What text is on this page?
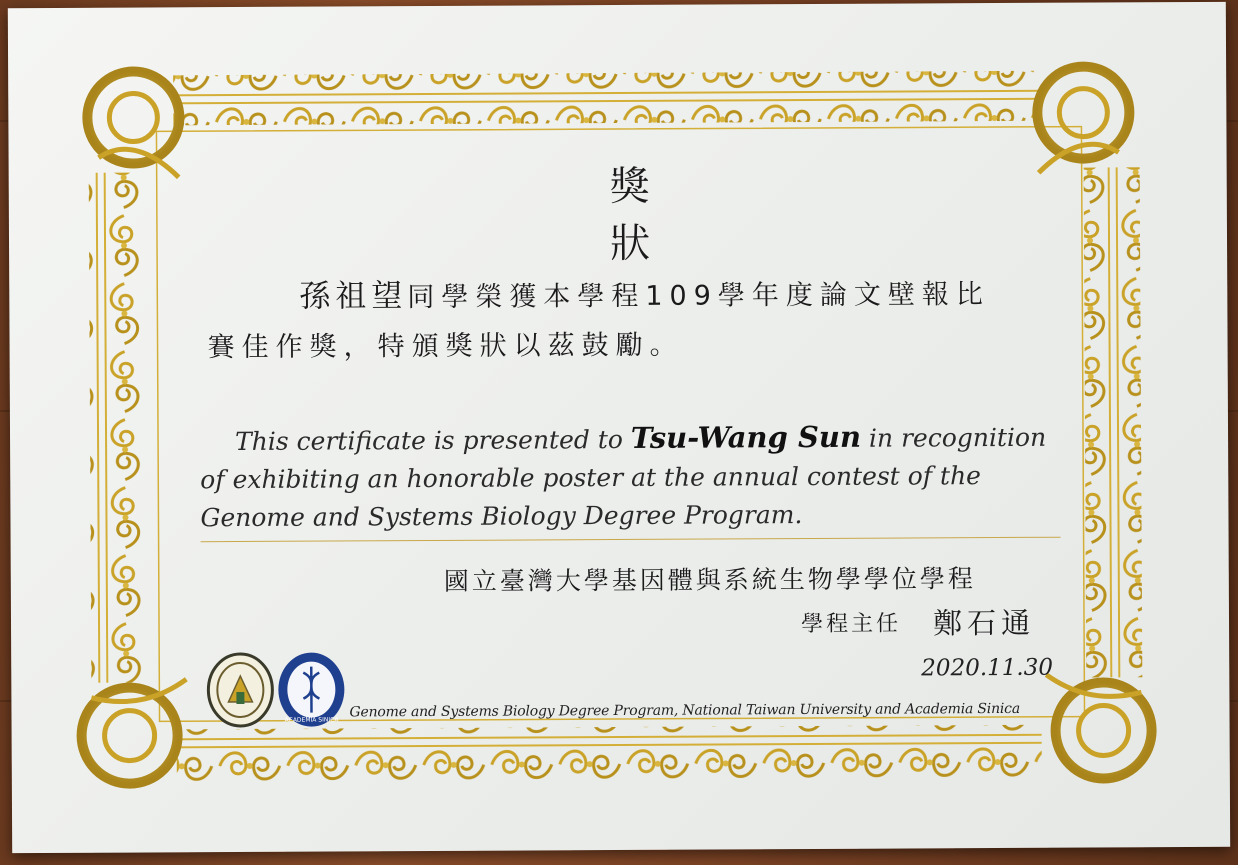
獎 狀
孫祖望同學榮獲本學程109學年度論文壁報比
賽佳作獎，特頒獎狀以茲鼓勵。
This certificate is presented to Tsu-Wang Sun in recognition
of exhibiting an honorable poster at the annual contest of the
Genome and Systems Biology Degree Program.
國立臺灣大學基因體與系統生物學學位學程
學程主任 鄭石通
2020.11.30
ACADEMIA SINICA Genome and Systems Biology Degree Program, National Taiwan University and Academia Sinica
